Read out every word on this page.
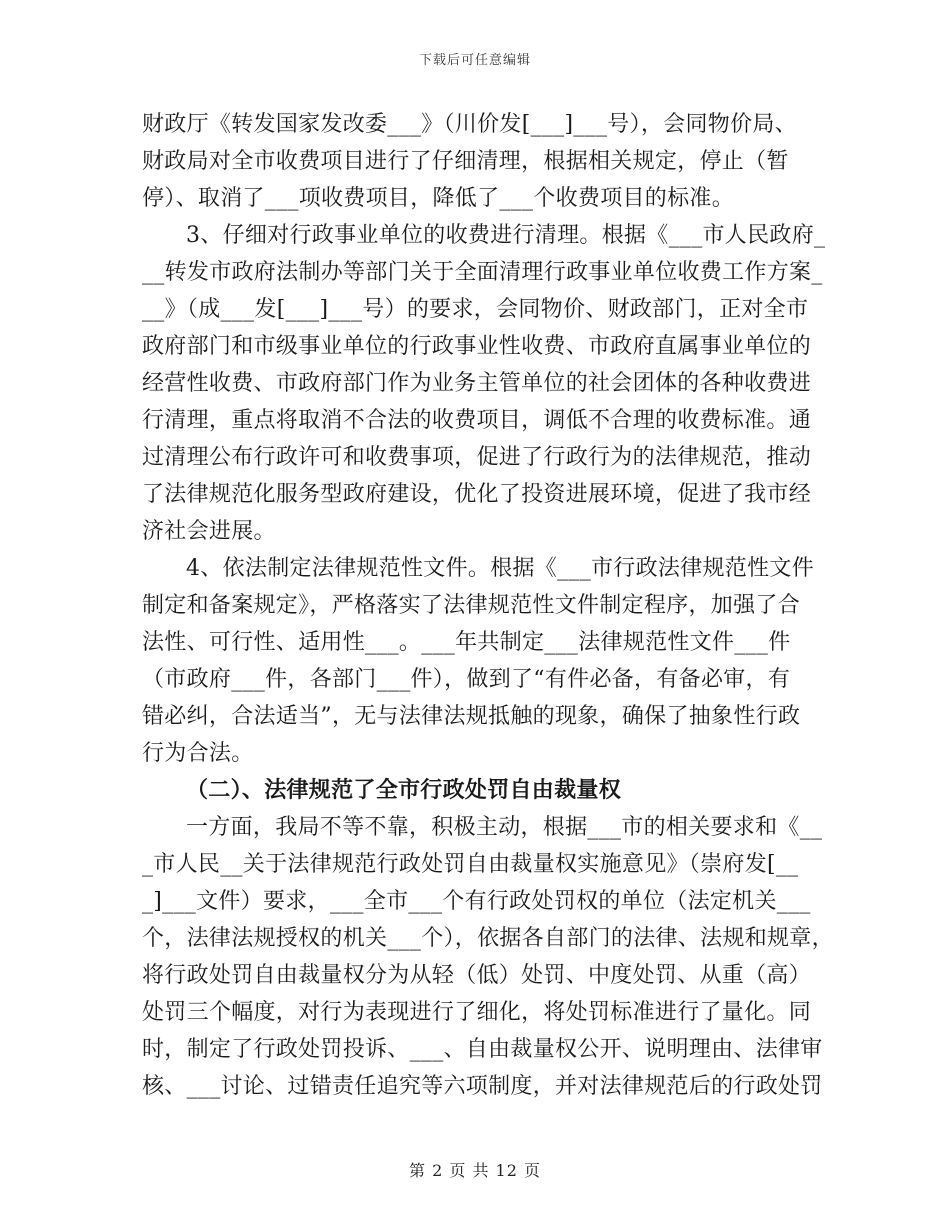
下载后可任意编辑
财政厅《转发国家发改委___》（川价发[___]___号），会同物价局、
财政局对全市收费项目进行了仔细清理，根据相关规定，停止（暂
停）、取消了___项收费项目，降低了___个收费项目的标准。
3、仔细对行政事业单位的收费进行清理。根据《___市人民政府_
__转发市政府法制办等部门关于全面清理行政事业单位收费工作方案_
__》（成___发[___]___号）的要求，会同物价、财政部门，正对全市
政府部门和市级事业单位的行政事业性收费、市政府直属事业单位的
经营性收费、市政府部门作为业务主管单位的社会团体的各种收费进
行清理，重点将取消不合法的收费项目，调低不合理的收费标准。通
过清理公布行政许可和收费事项，促进了行政行为的法律规范，推动
了法律规范化服务型政府建设，优化了投资进展环境，促进了我市经
济社会进展。
4、依法制定法律规范性文件。根据《___市行政法律规范性文件
制定和备案规定》，严格落实了法律规范性文件制定程序，加强了合
法性、可行性、适用性___。___年共制定___法律规范性文件___件
（市政府___件，各部门___件），做到了“有件必备，有备必审，有
错必纠，合法适当”，无与法律法规抵触的现象，确保了抽象性行政
行为合法。
（二）、法律规范了全市行政处罚自由裁量权
一方面，我局不等不靠，积极主动，根据___市的相关要求和《__
_市人民__关于法律规范行政处罚自由裁量权实施意见》（崇府发[__
_]___文件）要求，___全市___个有行政处罚权的单位（法定机关___
个，法律法规授权的机关___个），依据各自部门的法律、法规和规章，
将行政处罚自由裁量权分为从轻（低）处罚、中度处罚、从重（高）
处罚三个幅度，对行为表现进行了细化，将处罚标准进行了量化。同
时，制定了行政处罚投诉、___、自由裁量权公开、说明理由、法律审
核、___讨论、过错责任追究等六项制度，并对法律规范后的行政处罚
第 2 页 共 12 页
